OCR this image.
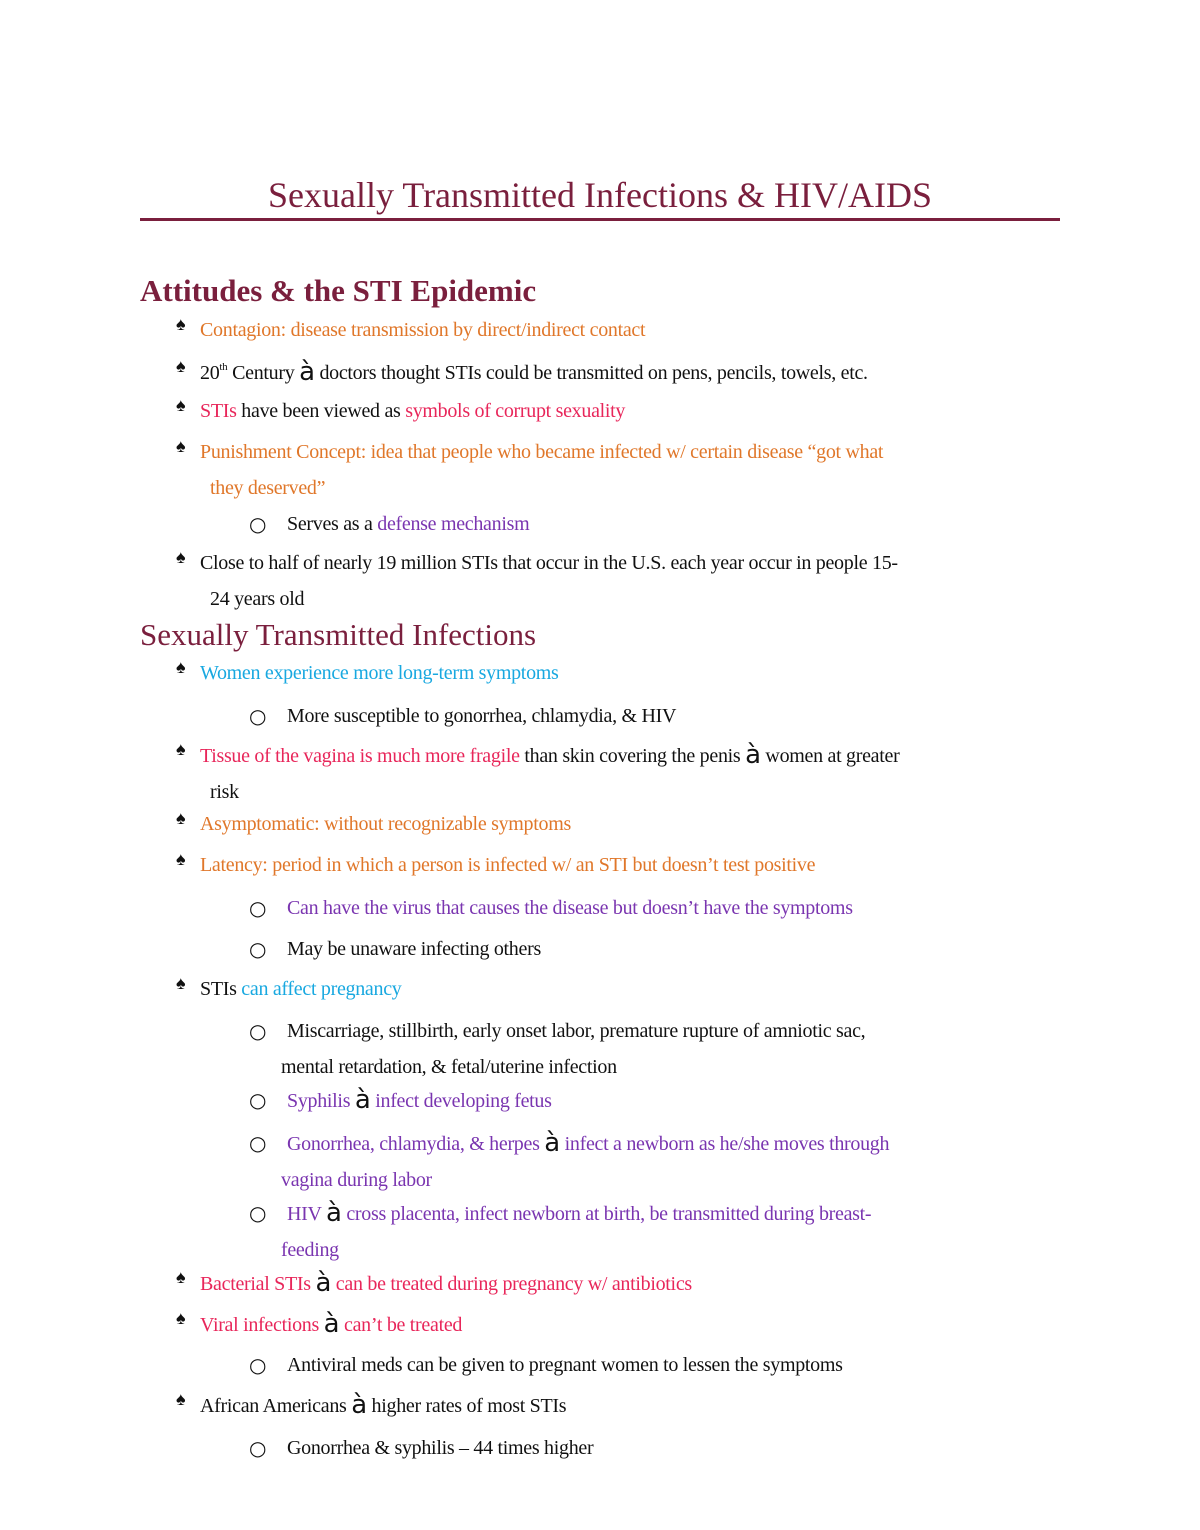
Sexually Transmitted Infections & HIV/AIDS
Attitudes & the STI Epidemic
♠ Contagion: disease transmission by direct/indirect contact
♠ 20th Century à doctors thought STIs could be transmitted on pens, pencils, towels, etc.
♠ STIs have been viewed as symbols of corrupt sexuality
♠ Punishment Concept: idea that people who became infected w/ certain disease “got what
they deserved”
○ Serves as a defense mechanism
♠ Close to half of nearly 19 million STIs that occur in the U.S. each year occur in people 15-
24 years old
Sexually Transmitted Infections
♠ Women experience more long-term symptoms
○ More susceptible to gonorrhea, chlamydia, & HIV
♠ Tissue of the vagina is much more fragile than skin covering the penis à women at greater
risk
♠ Asymptomatic: without recognizable symptoms
♠ Latency: period in which a person is infected w/ an STI but doesn’t test positive
○ Can have the virus that causes the disease but doesn’t have the symptoms
○ May be unaware infecting others
♠ STIs can affect pregnancy
○ Miscarriage, stillbirth, early onset labor, premature rupture of amniotic sac,
mental retardation, & fetal/uterine infection
○ Syphilis à infect developing fetus
○ Gonorrhea, chlamydia, & herpes à infect a newborn as he/she moves through
vagina during labor
○ HIV à cross placenta, infect newborn at birth, be transmitted during breast-
feeding
♠ Bacterial STIs à can be treated during pregnancy w/ antibiotics
♠ Viral infections à can’t be treated
○ Antiviral meds can be given to pregnant women to lessen the symptoms
♠ African Americans à higher rates of most STIs
○ Gonorrhea & syphilis – 44 times higher
